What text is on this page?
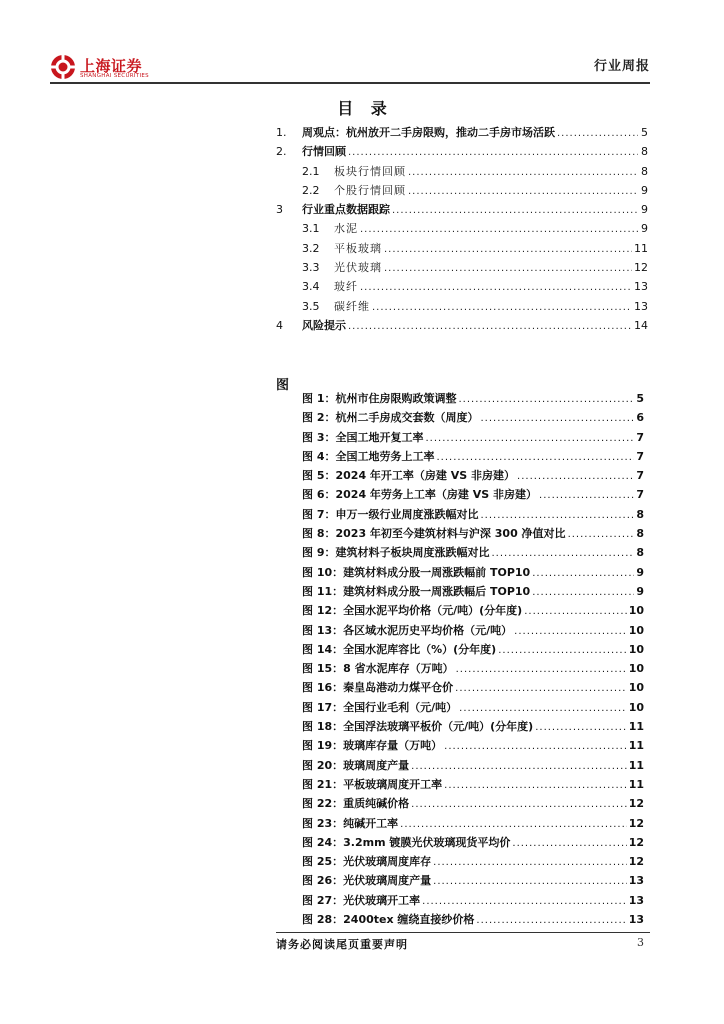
上海证券
SHANGHAI SECURITIES
行业周报
目 录
1.	周观点：杭州放开二手房限购，推动二手房市场活跃 .....	5
2.	行情回顾 .....	8
2.1	板块行情回顾 .....	8
2.2	个股行情回顾 .....	9
3	行业重点数据跟踪 .....	9
3.1	水泥 .....	9
3.2	平板玻璃 .....	11
3.3	光伏玻璃 .....	12
3.4	玻纤 .....	13
3.5	碳纤维 .....	13
4	风险提示 .....	14
图
图 1：杭州市住房限购政策调整 .....	5
图 2：杭州二手房成交套数（周度） .....	6
图 3：全国工地开复工率 .....	7
图 4：全国工地劳务上工率 .....	7
图 5：2024 年开工率（房建 VS 非房建） .....	7
图 6：2024 年劳务上工率（房建 VS 非房建） .....	7
图 7：申万一级行业周度涨跌幅对比 .....	8
图 8：2023 年初至今建筑材料与沪深 300 净值对比 .....	8
图 9：建筑材料子板块周度涨跌幅对比 .....	8
图 10：建筑材料成分股一周涨跌幅前 TOP10 .....	9
图 11：建筑材料成分股一周涨跌幅后 TOP10 .....	9
图 12：全国水泥平均价格（元/吨）(分年度) .....	10
图 13：各区域水泥历史平均价格（元/吨） .....	10
图 14：全国水泥库容比（%）(分年度) .....	10
图 15：8 省水泥库存（万吨） .....	10
图 16：秦皇岛港动力煤平仓价 .....	10
图 17：全国行业毛利（元/吨） .....	10
图 18：全国浮法玻璃平板价（元/吨）(分年度) .....	11
图 19：玻璃库存量（万吨） .....	11
图 20：玻璃周度产量 .....	11
图 21：平板玻璃周度开工率 .....	11
图 22：重质纯碱价格 .....	12
图 23：纯碱开工率 .....	12
图 24：3.2mm 镀膜光伏玻璃现货平均价 .....	12
图 25：光伏玻璃周度库存 .....	12
图 26：光伏玻璃周度产量 .....	13
图 27：光伏玻璃开工率 .....	13
图 28：2400tex 缠绕直接纱价格 .....	13
请务必阅读尾页重要声明	3
